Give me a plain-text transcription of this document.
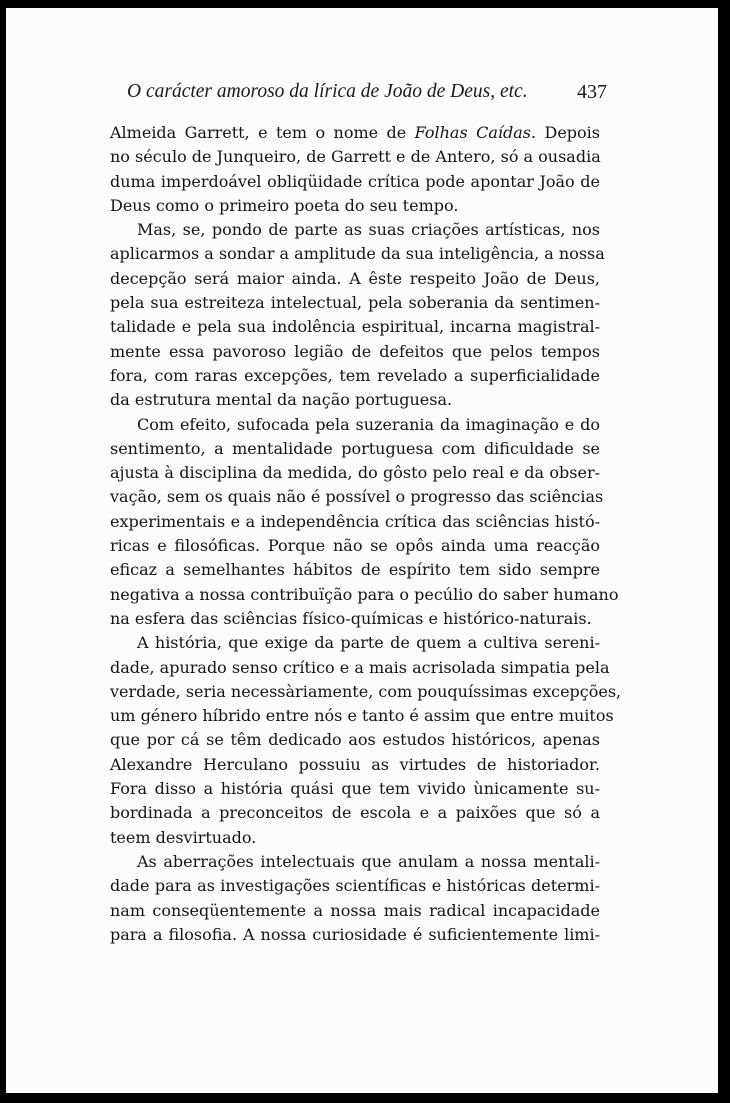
O carácter amoroso da lírica de João de Deus, etc. 437
Almeida Garrett, e tem o nome de Folhas Caídas. Depois
no século de Junqueiro, de Garrett e de Antero, só a ousadia
duma imperdoável obliqüidade crítica pode apontar João de
Deus como o primeiro poeta do seu tempo.
Mas, se, pondo de parte as suas criações artísticas, nos
aplicarmos a sondar a amplitude da sua inteligência, a nossa
decepção será maior ainda. A êste respeito João de Deus,
pela sua estreiteza intelectual, pela soberania da sentimen-
talidade e pela sua indolência espiritual, incarna magistral-
mente essa pavoroso legião de defeitos que pelos tempos
fora, com raras excepções, tem revelado a superficialidade
da estrutura mental da nação portuguesa.
Com efeito, sufocada pela suzerania da imaginação e do
sentimento, a mentalidade portuguesa com dificuldade se
ajusta à disciplina da medida, do gôsto pelo real e da obser-
vação, sem os quais não é possível o progresso das sciências
experimentais e a independência crítica das sciências histó-
ricas e filosóficas. Porque não se opôs ainda uma reacção
eficaz a semelhantes hábitos de espírito tem sido sempre
negativa a nossa contribuïção para o pecúlio do saber humano
na esfera das sciências físico-químicas e histórico-naturais.
A história, que exige da parte de quem a cultiva sereni-
dade, apurado senso crítico e a mais acrisolada simpatia pela
verdade, seria necessàriamente, com pouquíssimas excepções,
um género híbrido entre nós e tanto é assim que entre muitos
que por cá se têm dedicado aos estudos históricos, apenas
Alexandre Herculano possuiu as virtudes de historiador.
Fora disso a história quási que tem vivido ùnicamente su-
bordinada a preconceitos de escola e a paixões que só a
teem desvirtuado.
As aberrações intelectuais que anulam a nossa mentali-
dade para as investigações scientíficas e históricas determi-
nam conseqüentemente a nossa mais radical incapacidade
para a filosofia. A nossa curiosidade é suficientemente limi-
